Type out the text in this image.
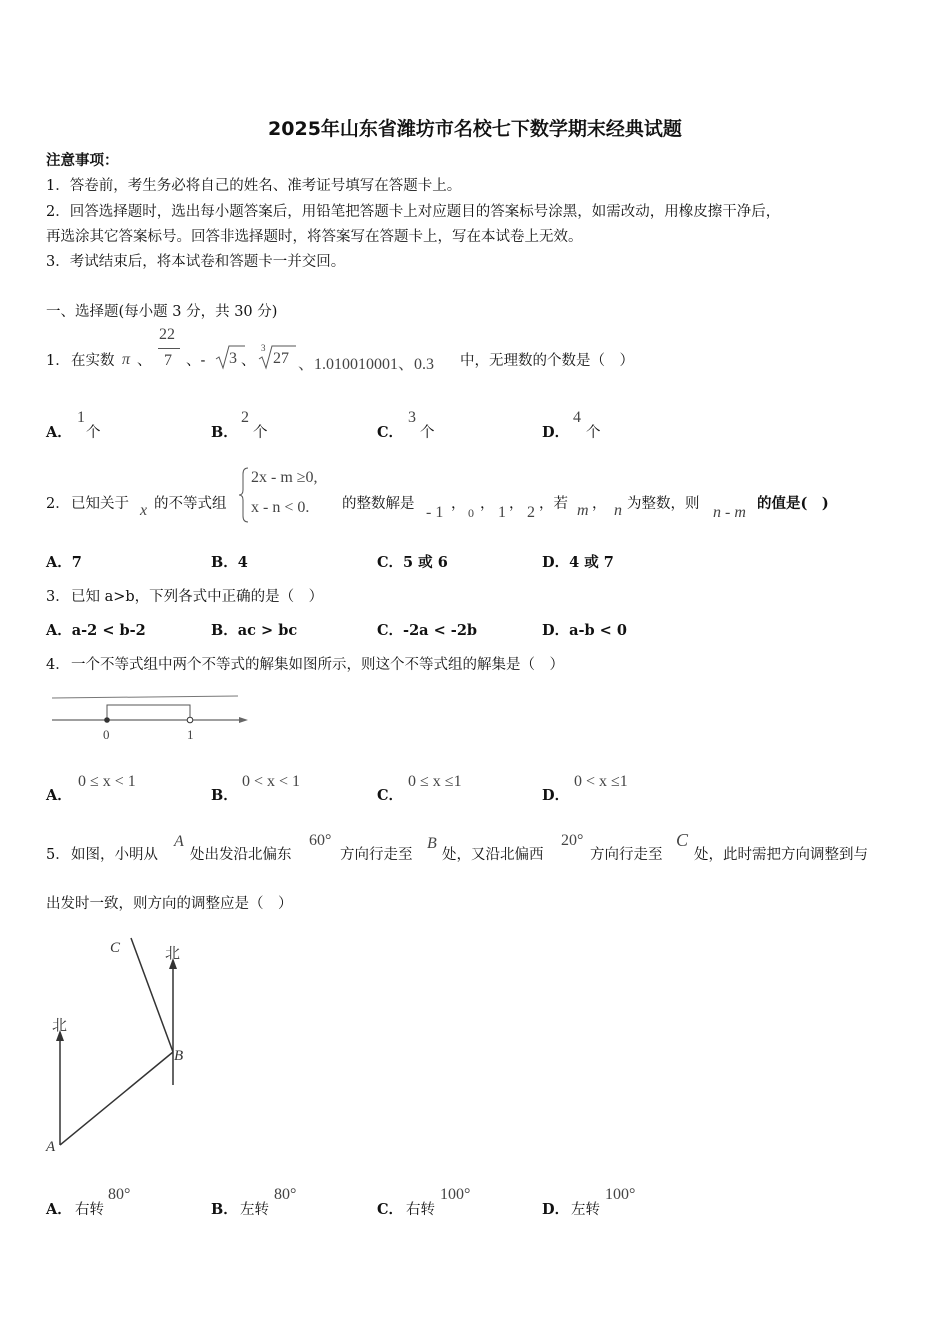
2025年山东省潍坊市名校七下数学期末经典试题
注意事项：
1．答卷前，考生务必将自己的姓名、准考证号填写在答题卡上。
2．回答选择题时，选出每小题答案后，用铅笔把答题卡上对应题目的答案标号涂黑，如需改动，用橡皮擦干净后，
再选涂其它答案标号。回答非选择题时，将答案写在答题卡上，写在本试卷上无效。
3．考试结束后，将本试卷和答题卡一并交回。
一、选择题(每小题 3 分，共 30 分)
1． 在实数 π 、
22
7 、- 3 、
3
27 、1.010010001、0.3 中，无理数的个数是（　）
A．
1
个	B．
2
个	C．
3
个	D．
4
个
2． 已知关于 x 的不等式组
2x - m ≥0,
x - n < 0. 的整数解是 - 1 ，
0
， 1 ， 2 ，若 m ， n 为整数，则 n - m
的值是(　)
A．7	B．4	C．5 或 6	D．4 或 7
3． 已知 a>b，下列各式中正确的是（　）
A．a-2 < b-2	B．ac > bc	C．-2a < -2b	D．a-b < 0
4． 一个不等式组中两个不等式的解集如图所示，则这个不等式组的解集是（　）
0	1
A．
0 ≤ x < 1
B．
0 < x < 1
C．
0 ≤ x ≤1
D．
0 < x ≤1
5． 如图，小明从
A
处出发沿北偏东
60°
方向行走至
B
处，又沿北偏西
20°
方向行走至
C
处，此时需把方向调整到与
出发时一致，则方向的调整应是（　）
北
北
A
B
C
A． 右转
80°
B． 左转
80°
C． 右转
100°
D． 左转
100°
